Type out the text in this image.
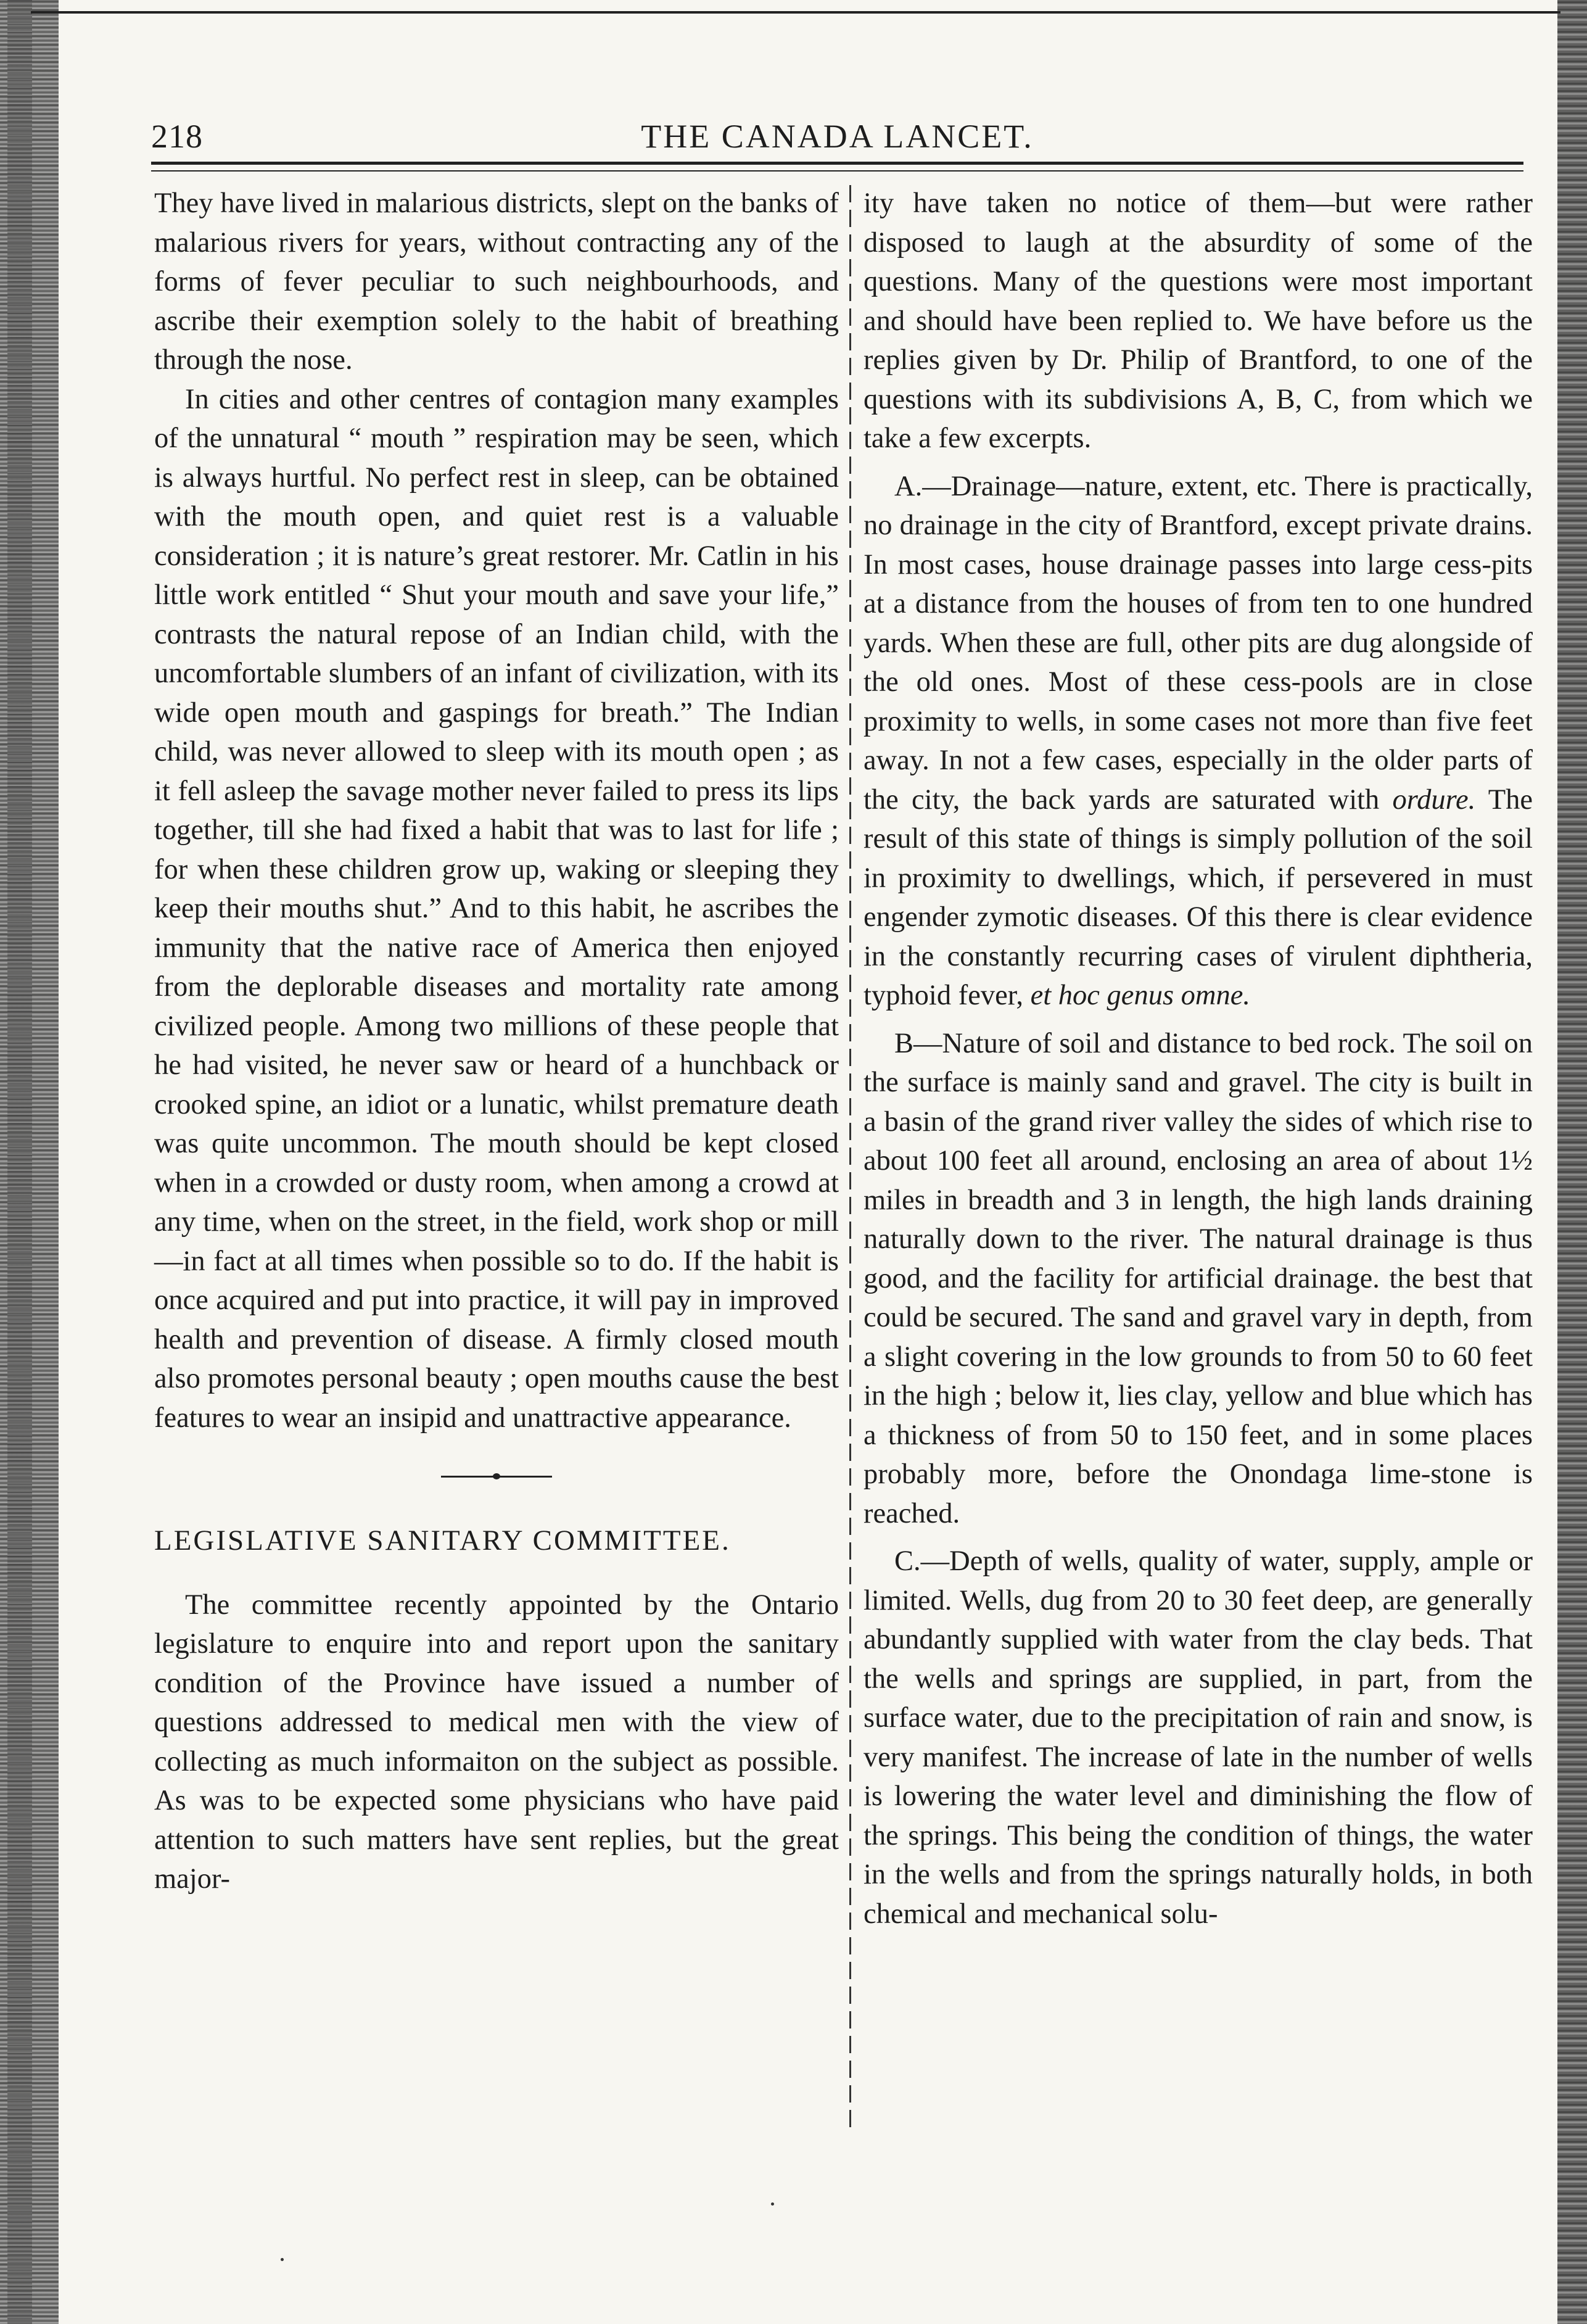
218	THE CANADA LANCET.

They have lived in malarious districts, slept on the banks of malarious rivers for years, without contracting any of the forms of fever peculiar to such neighbourhoods, and ascribe their exemption solely to the habit of breathing through the nose.

In cities and other centres of contagion many examples of the unnatural “ mouth ” respiration may be seen, which is always hurtful. No perfect rest in sleep, can be obtained with the mouth open, and quiet rest is a valuable consideration ; it is nature’s great restorer. Mr. Catlin in his little work entitled “ Shut your mouth and save your life,” contrasts the natural repose of an Indian child, with the uncomfortable slumbers of an infant of civilization, with its wide open mouth and gaspings for breath.” The Indian child, was never allowed to sleep with its mouth open ; as it fell asleep the savage mother never failed to press its lips together, till she had fixed a habit that was to last for life ; for when these children grow up, waking or sleeping they keep their mouths shut.” And to this habit, he ascribes the immunity that the native race of America then enjoyed from the deplorable diseases and mortality rate among civilized people. Among two millions of these people that he had visited, he never saw or heard of a hunchback or crooked spine, an idiot or a lunatic, whilst premature death was quite uncommon. The mouth should be kept closed when in a crowded or dusty room, when among a crowd at any time, when on the street, in the field, work shop or mill —in fact at all times when possible so to do. If the habit is once acquired and put into practice, it will pay in improved health and prevention of disease. A firmly closed mouth also promotes personal beauty ; open mouths cause the best features to wear an insipid and unattractive appearance.

LEGISLATIVE SANITARY COMMITTEE.

The committee recently appointed by the Ontario legislature to enquire into and report upon the sanitary condition of the Province have issued a number of questions addressed to medical men with the view of collecting as much informaiton on the subject as possible. As was to be expected some physicians who have paid attention to such matters have sent replies, but the great major-

ity have taken no notice of them—but were rather disposed to laugh at the absurdity of some of the questions. Many of the questions were most important and should have been replied to. We have before us the replies given by Dr. Philip of Brantford, to one of the questions with its subdivisions A, B, C, from which we take a few excerpts.

A.—Drainage—nature, extent, etc. There is practically, no drainage in the city of Brantford, except private drains. In most cases, house drainage passes into large cess-pits at a distance from the houses of from ten to one hundred yards. When these are full, other pits are dug alongside of the old ones. Most of these cess-pools are in close proximity to wells, in some cases not more than five feet away. In not a few cases, especially in the older parts of the city, the back yards are saturated with ordure. The result of this state of things is simply pollution of the soil in proximity to dwellings, which, if persevered in must engender zymotic diseases. Of this there is clear evidence in the constantly recurring cases of virulent diphtheria, typhoid fever, et hoc genus omne.

B—Nature of soil and distance to bed rock. The soil on the surface is mainly sand and gravel. The city is built in a basin of the grand river valley the sides of which rise to about 100 feet all around, enclosing an area of about 1½ miles in breadth and 3 in length, the high lands draining naturally down to the river. The natural drainage is thus good, and the facility for artificial drainage. the best that could be secured. The sand and gravel vary in depth, from a slight covering in the low grounds to from 50 to 60 feet in the high ; below it, lies clay, yellow and blue which has a thickness of from 50 to 150 feet, and in some places probably more, before the Onondaga lime-stone is reached.

C.—Depth of wells, quality of water, supply, ample or limited. Wells, dug from 20 to 30 feet deep, are generally abundantly supplied with water from the clay beds. That the wells and springs are supplied, in part, from the surface water, due to the precipitation of rain and snow, is very manifest. The increase of late in the number of wells is lowering the water level and diminishing the flow of the springs. This being the condition of things, the water in the wells and from the springs naturally holds, in both chemical and mechanical solu-
